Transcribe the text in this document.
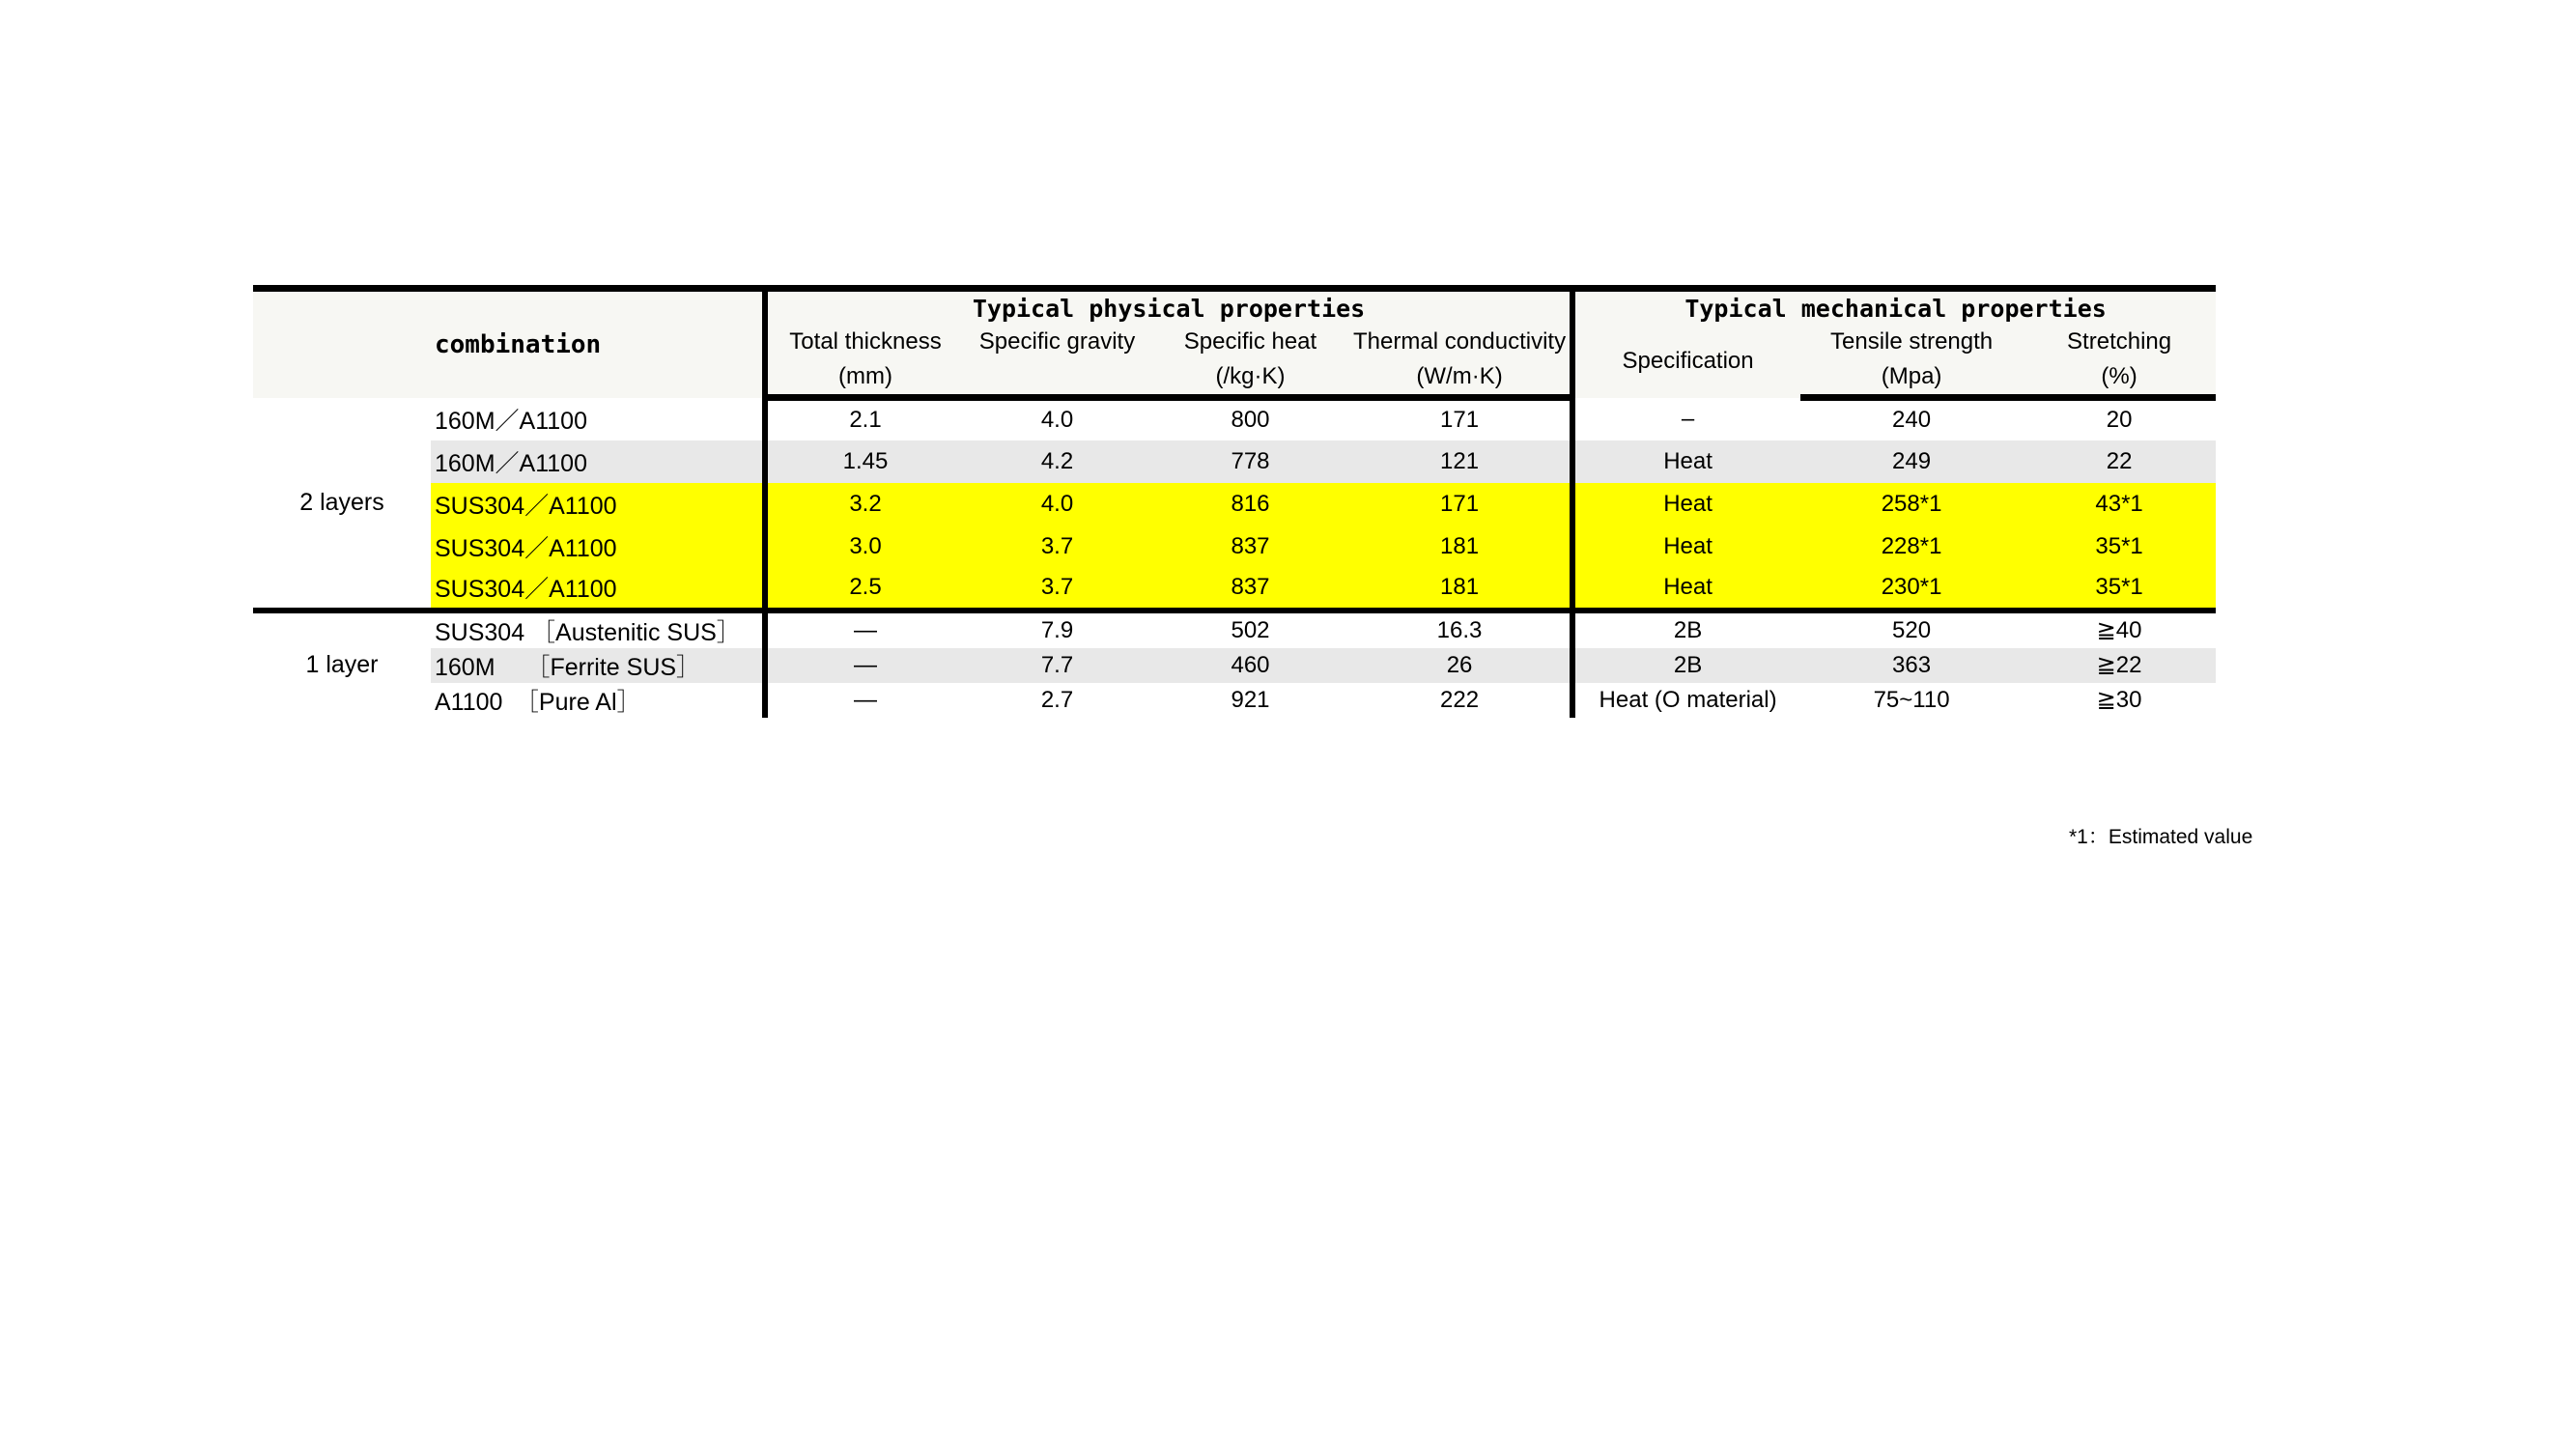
	combination	Typical physical properties				Typical mechanical properties		
		Total thickness	Specific gravity	Specific heat	Thermal conductivity	Specification	Tensile strength	Stretching
		(mm)		(/kg·K)	(W/m·K)		(Mpa)	(%)
2 layers	160M／A1100	2.1	4.0	800	171	–	240	20
	160M／A1100	1.45	4.2	778	121	Heat	249	22
	SUS304／A1100	3.2	4.0	816	171	Heat	258*1	43*1
	SUS304／A1100	3.0	3.7	837	181	Heat	228*1	35*1
	SUS304／A1100	2.5	3.7	837	181	Heat	230*1	35*1
1 layer	SUS304 ［Austenitic SUS］	—	7.9	502	16.3	2B	520	≧40
	160M　 ［Ferrite SUS］	—	7.7	460	26	2B	363	≧22
	A1100　［Pure Al］	—	2.7	921	222	Heat (O material)	75~110	≧30
*1：Estimated value
